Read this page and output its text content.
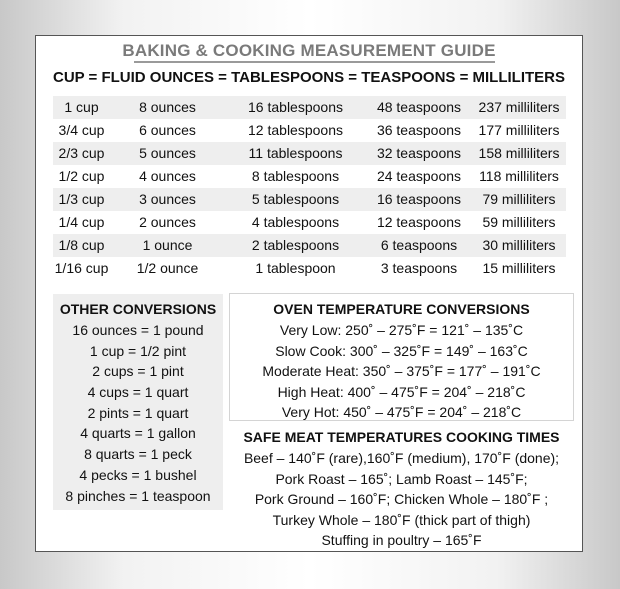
BAKING & COOKING MEASUREMENT GUIDE
CUP = FLUID OUNCES = TABLESPOONS = TEASPOONS = MILLILITERS
1 cup	8 ounces	16 tablespoons	48 teaspoons	237 milliliters
3/4 cup	6 ounces	12 tablespoons	36 teaspoons	177 milliliters
2/3 cup	5 ounces	11 tablespoons	32 teaspoons	158 milliliters
1/2 cup	4 ounces	8 tablespoons	24 teaspoons	118 milliliters
1/3 cup	3 ounces	5 tablespoons	16 teaspoons	79 milliliters
1/4 cup	2 ounces	4 tablespoons	12 teaspoons	59 milliliters
1/8 cup	1 ounce	2 tablespoons	6 teaspoons	30 milliliters
1/16 cup	1/2 ounce	1 tablespoon	3 teaspoons	15 milliliters
OTHER CONVERSIONS
16 ounces = 1 pound
1 cup = 1/2 pint
2 cups = 1 pint
4 cups = 1 quart
2 pints = 1 quart
4 quarts = 1 gallon
8 quarts = 1 peck
4 pecks = 1 bushel
8 pinches = 1 teaspoon
OVEN TEMPERATURE CONVERSIONS
Very Low: 250˚ – 275˚F = 121˚ – 135˚C
Slow Cook: 300˚ – 325˚F = 149˚ – 163˚C
Moderate Heat: 350˚ – 375˚F = 177˚ – 191˚C
High Heat: 400˚ – 475˚F = 204˚ – 218˚C
Very Hot: 450˚ – 475˚F = 204˚ – 218˚C
SAFE MEAT TEMPERATURES COOKING TIMES
Beef – 140˚F (rare),160˚F (medium), 170˚F (done);
Pork Roast – 165˚; Lamb Roast – 145˚F;
Pork Ground – 160˚F; Chicken Whole – 180˚F ;
Turkey Whole – 180˚F (thick part of thigh)
Stuffing in poultry – 165˚F
